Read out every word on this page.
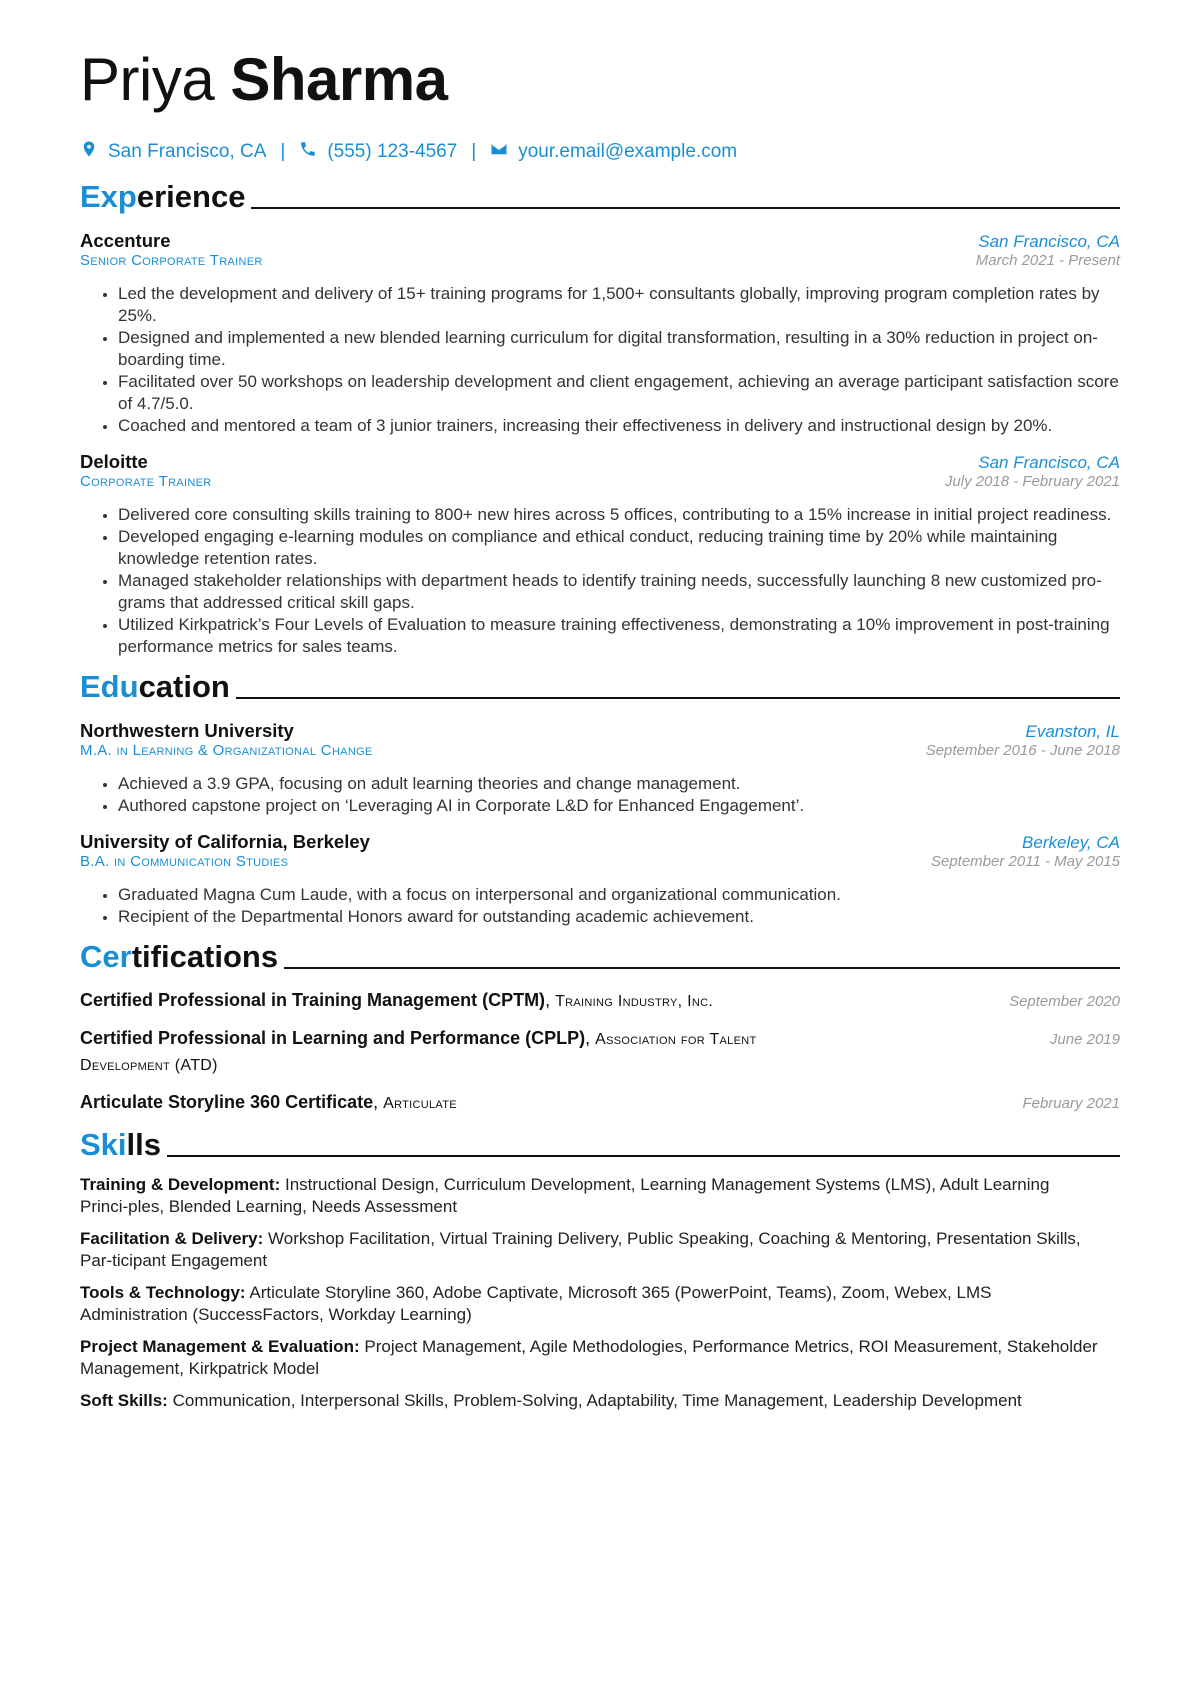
Priya Sharma
San Francisco, CA | (555) 123-4567 | your.email@example.com
Experience
Accenture	San Francisco, CA
Senior Corporate Trainer	March 2021 - Present
• Led the development and delivery of 15+ training programs for 1,500+ consultants globally, improving program completion rates by 25%.
• Designed and implemented a new blended learning curriculum for digital transformation, resulting in a 30% reduction in project on-boarding time.
• Facilitated over 50 workshops on leadership development and client engagement, achieving an average participant satisfaction score of 4.7/5.0.
• Coached and mentored a team of 3 junior trainers, increasing their effectiveness in delivery and instructional design by 20%.
Deloitte	San Francisco, CA
Corporate Trainer	July 2018 - February 2021
• Delivered core consulting skills training to 800+ new hires across 5 offices, contributing to a 15% increase in initial project readiness.
• Developed engaging e-learning modules on compliance and ethical conduct, reducing training time by 20% while maintaining knowledge retention rates.
• Managed stakeholder relationships with department heads to identify training needs, successfully launching 8 new customized pro-grams that addressed critical skill gaps.
• Utilized Kirkpatrick’s Four Levels of Evaluation to measure training effectiveness, demonstrating a 10% improvement in post-training performance metrics for sales teams.
Education
Northwestern University	Evanston, IL
M.A. in Learning & Organizational Change	September 2016 - June 2018
• Achieved a 3.9 GPA, focusing on adult learning theories and change management.
• Authored capstone project on ‘Leveraging AI in Corporate L&D for Enhanced Engagement’.
University of California, Berkeley	Berkeley, CA
B.A. in Communication Studies	September 2011 - May 2015
• Graduated Magna Cum Laude, with a focus on interpersonal and organizational communication.
• Recipient of the Departmental Honors award for outstanding academic achievement.
Certifications
Certified Professional in Training Management (CPTM), Training Industry, Inc.	September 2020
Certified Professional in Learning and Performance (CPLP), Association for Talent Development (ATD)
June 2019
Articulate Storyline 360 Certificate, Articulate	February 2021
Skills
Training & Development: Instructional Design, Curriculum Development, Learning Management Systems (LMS), Adult Learning Princi-ples, Blended Learning, Needs Assessment
Facilitation & Delivery: Workshop Facilitation, Virtual Training Delivery, Public Speaking, Coaching & Mentoring, Presentation Skills, Par-ticipant Engagement
Tools & Technology: Articulate Storyline 360, Adobe Captivate, Microsoft 365 (PowerPoint, Teams), Zoom, Webex, LMS Administration (SuccessFactors, Workday Learning)
Project Management & Evaluation: Project Management, Agile Methodologies, Performance Metrics, ROI Measurement, Stakeholder Management, Kirkpatrick Model
Soft Skills: Communication, Interpersonal Skills, Problem-Solving, Adaptability, Time Management, Leadership Development
